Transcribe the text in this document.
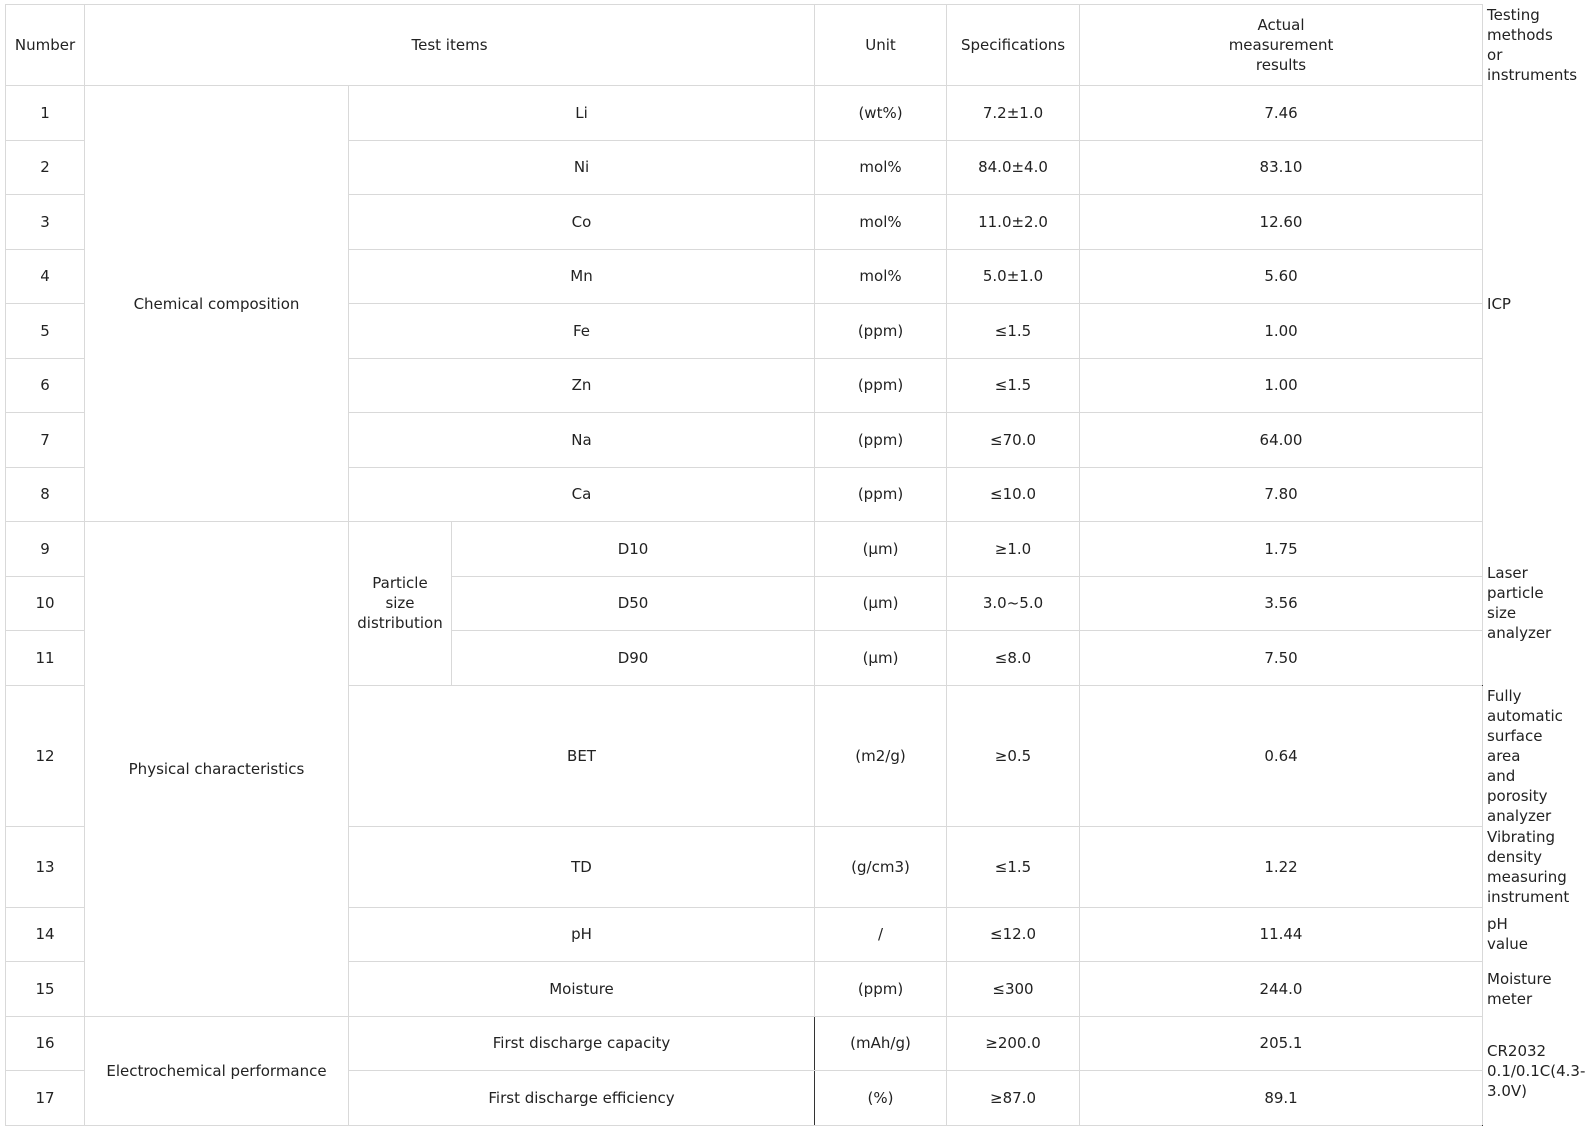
Number	Test items			Unit	Specifications	Actual
measurement
results	Testing methods or instruments
1	Chemical composition	Li		(wt%)	7.2±1.0	7.46	ICP
2		Ni		mol%	84.0±4.0	83.10	
3		Co		mol%	11.0±2.0	12.60	
4		Mn		mol%	5.0±1.0	5.60	
5		Fe		(ppm)	≤1.5	1.00	
6		Zn		(ppm)	≤1.5	1.00	
7		Na		(ppm)	≤70.0	64.00	
8		Ca		(ppm)	≤10.0	7.80	
9	Physical characteristics	Particle
size
distribution	D10	(μm)	≥1.0	1.75	Laser particle size analyzer
10			D50	(μm)	3.0~5.0	3.56	
11			D90	(μm)	≤8.0	7.50	
12		BET		(m2/g)	≥0.5	0.64	Fully automatic surface area and porosity analyzer
13		TD		(g/cm3)	≤1.5	1.22	Vibrating density measuring instrument
14		pH		/	≤12.0	11.44	pH value
15		Moisture		(ppm)	≤300	244.0	Moisture meter
16	Electrochemical performance	First discharge capacity		(mAh/g)	≥200.0	205.1	CR2032
0.1/0.1C(4.3-3.0V)

17		First discharge efficiency		(%)	≥87.0	89.1	
